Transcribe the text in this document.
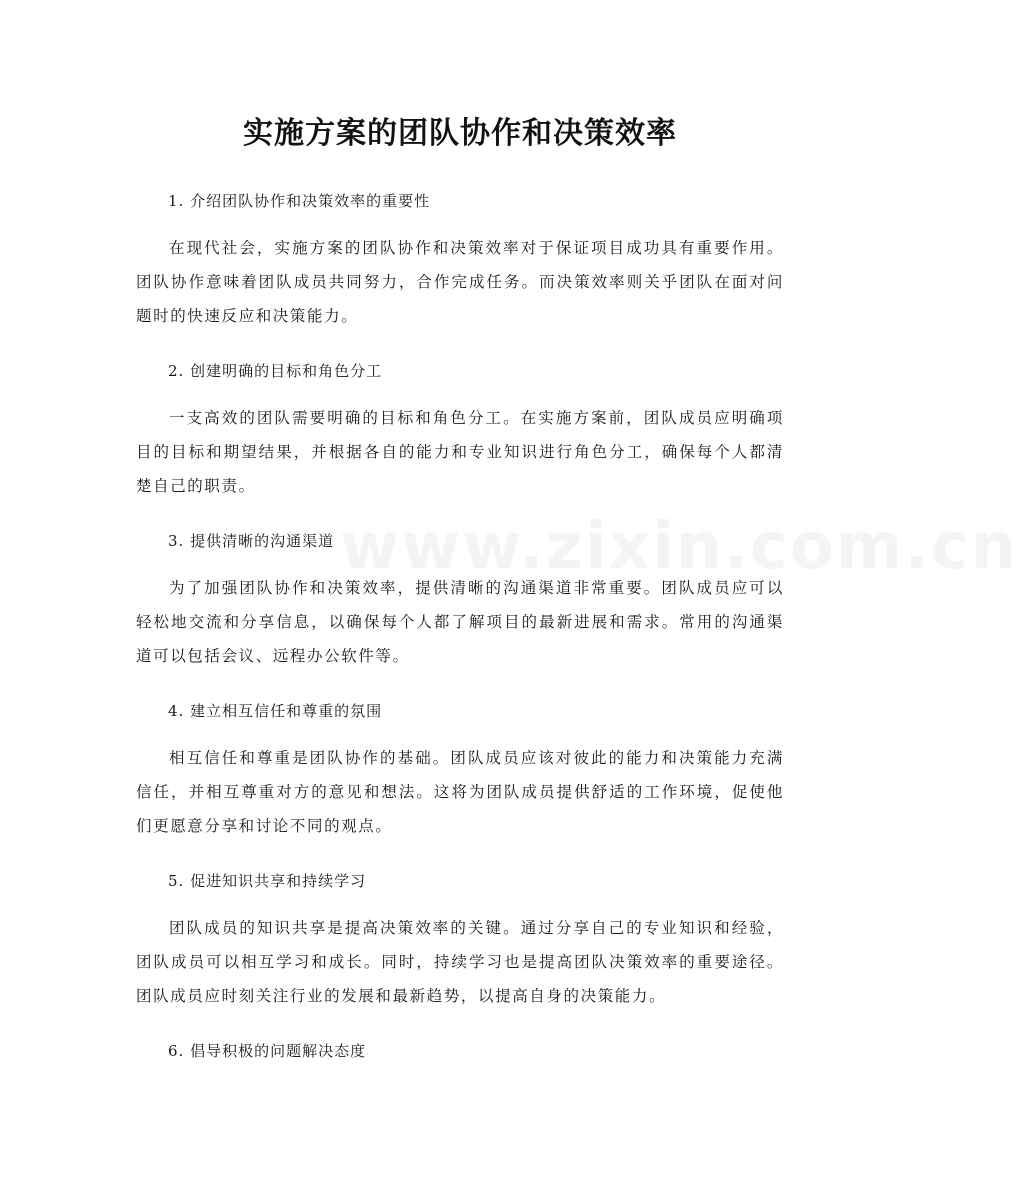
www.zixin.com.cn
实施方案的团队协作和决策效率
1. 介绍团队协作和决策效率的重要性
在现代社会，实施方案的团队协作和决策效率对于保证项目成功具有重要作用。团队协作意味着团队成员共同努力，合作完成任务。而决策效率则关乎团队在面对问题时的快速反应和决策能力。
2. 创建明确的目标和角色分工
一支高效的团队需要明确的目标和角色分工。在实施方案前，团队成员应明确项目的目标和期望结果，并根据各自的能力和专业知识进行角色分工，确保每个人都清楚自己的职责。
3. 提供清晰的沟通渠道
为了加强团队协作和决策效率，提供清晰的沟通渠道非常重要。团队成员应可以轻松地交流和分享信息，以确保每个人都了解项目的最新进展和需求。常用的沟通渠道可以包括会议、远程办公软件等。
4. 建立相互信任和尊重的氛围
相互信任和尊重是团队协作的基础。团队成员应该对彼此的能力和决策能力充满信任，并相互尊重对方的意见和想法。这将为团队成员提供舒适的工作环境，促使他们更愿意分享和讨论不同的观点。
5. 促进知识共享和持续学习
团队成员的知识共享是提高决策效率的关键。通过分享自己的专业知识和经验，团队成员可以相互学习和成长。同时，持续学习也是提高团队决策效率的重要途径。团队成员应时刻关注行业的发展和最新趋势，以提高自身的决策能力。
6. 倡导积极的问题解决态度
